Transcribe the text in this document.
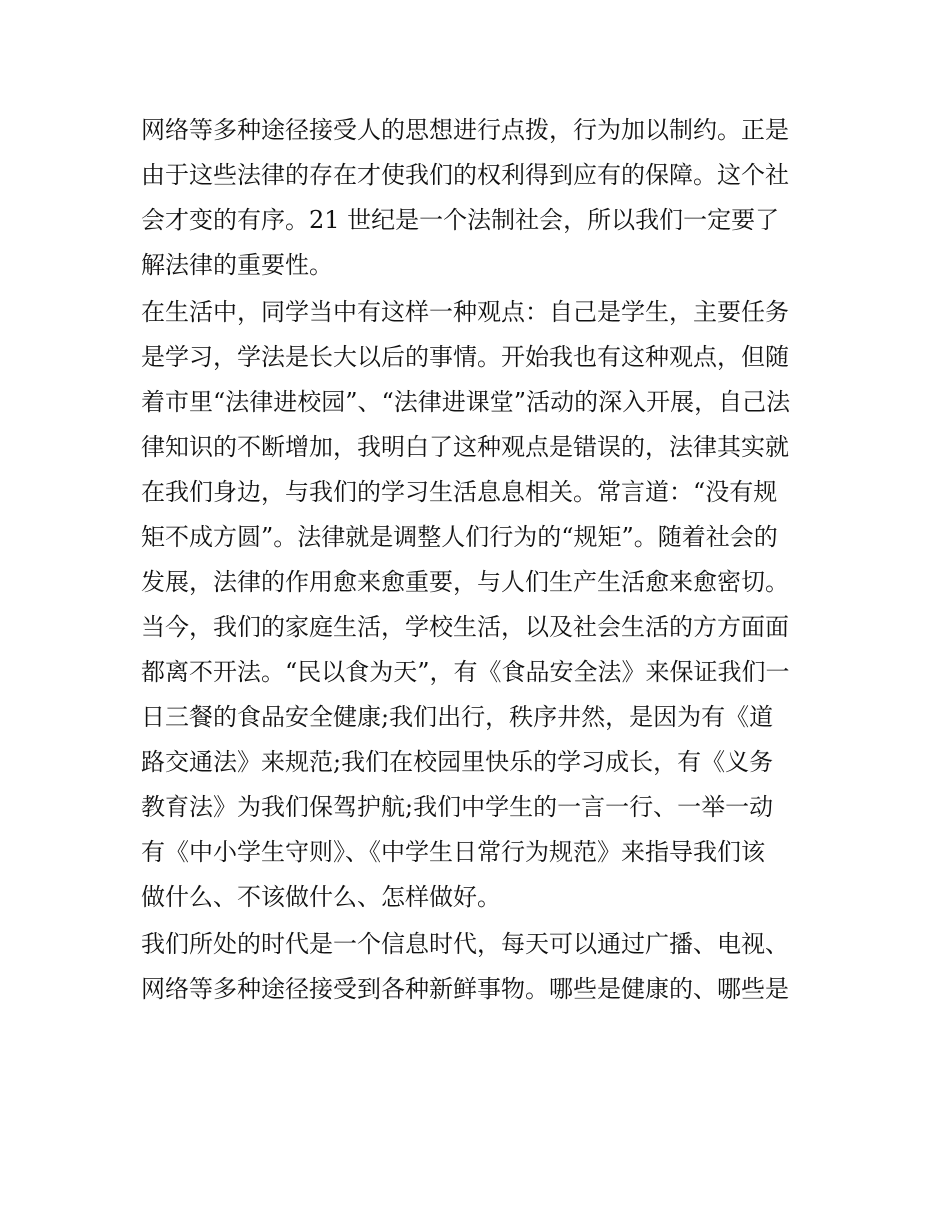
网络等多种途径接受人的思想进行点拨，行为加以制约。正是
由于这些法律的存在才使我们的权利得到应有的保障。这个社
会才变的有序。21 世纪是一个法制社会，所以我们一定要了
解法律的重要性。
在生活中，同学当中有这样一种观点：自己是学生，主要任务
是学习，学法是长大以后的事情。开始我也有这种观点，但随
着市里“法律进校园”、“法律进课堂”活动的深入开展，自己法
律知识的不断增加，我明白了这种观点是错误的，法律其实就
在我们身边，与我们的学习生活息息相关。常言道：“没有规
矩不成方圆”。法律就是调整人们行为的“规矩”。随着社会的
发展，法律的作用愈来愈重要，与人们生产生活愈来愈密切。
当今，我们的家庭生活，学校生活，以及社会生活的方方面面
都离不开法。“民以食为天”，有《食品安全法》来保证我们一
日三餐的食品安全健康;我们出行，秩序井然，是因为有《道
路交通法》来规范;我们在校园里快乐的学习成长，有《义务
教育法》为我们保驾护航;我们中学生的一言一行、一举一动
有《中小学生守则》、《中学生日常行为规范》来指导我们该
做什么、不该做什么、怎样做好。
我们所处的时代是一个信息时代，每天可以通过广播、电视、
网络等多种途径接受到各种新鲜事物。哪些是健康的、哪些是
